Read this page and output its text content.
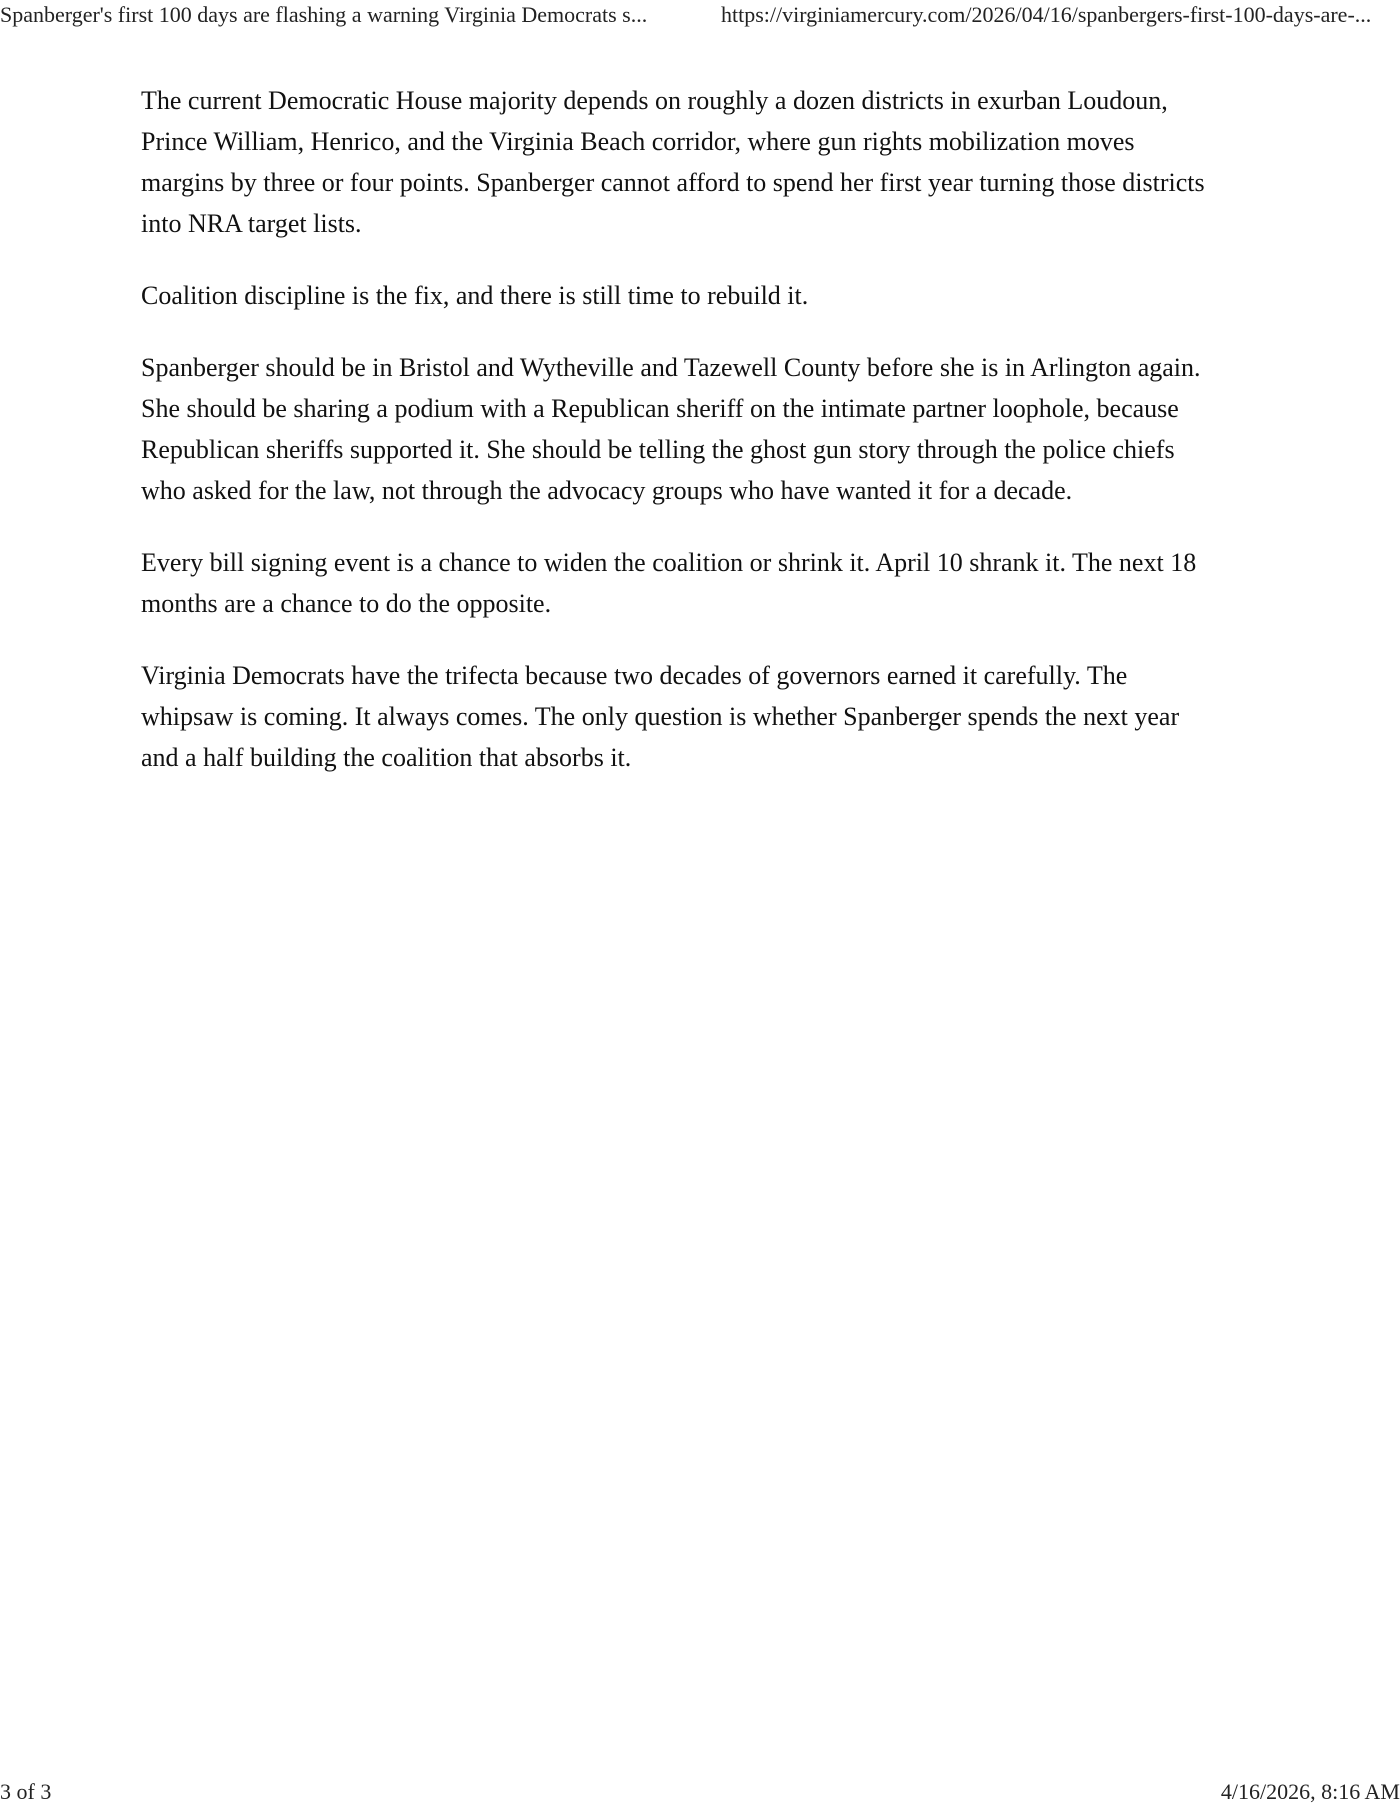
Spanberger's first 100 days are flashing a warning Virginia Democrats s...	https://virginiamercury.com/2026/04/16/spanbergers-first-100-days-are-...

The current Democratic House majority depends on roughly a dozen districts in exurban Loudoun, Prince William, Henrico, and the Virginia Beach corridor, where gun rights mobilization moves margins by three or four points. Spanberger cannot afford to spend her first year turning those districts into NRA target lists.

Coalition discipline is the fix, and there is still time to rebuild it.

Spanberger should be in Bristol and Wytheville and Tazewell County before she is in Arlington again. She should be sharing a podium with a Republican sheriff on the intimate partner loophole, because Republican sheriffs supported it. She should be telling the ghost gun story through the police chiefs who asked for the law, not through the advocacy groups who have wanted it for a decade.

Every bill signing event is a chance to widen the coalition or shrink it. April 10 shrank it. The next 18 months are a chance to do the opposite.

Virginia Democrats have the trifecta because two decades of governors earned it carefully. The whipsaw is coming. It always comes. The only question is whether Spanberger spends the next year and a half building the coalition that absorbs it.

3 of 3	4/16/2026, 8:16 AM
